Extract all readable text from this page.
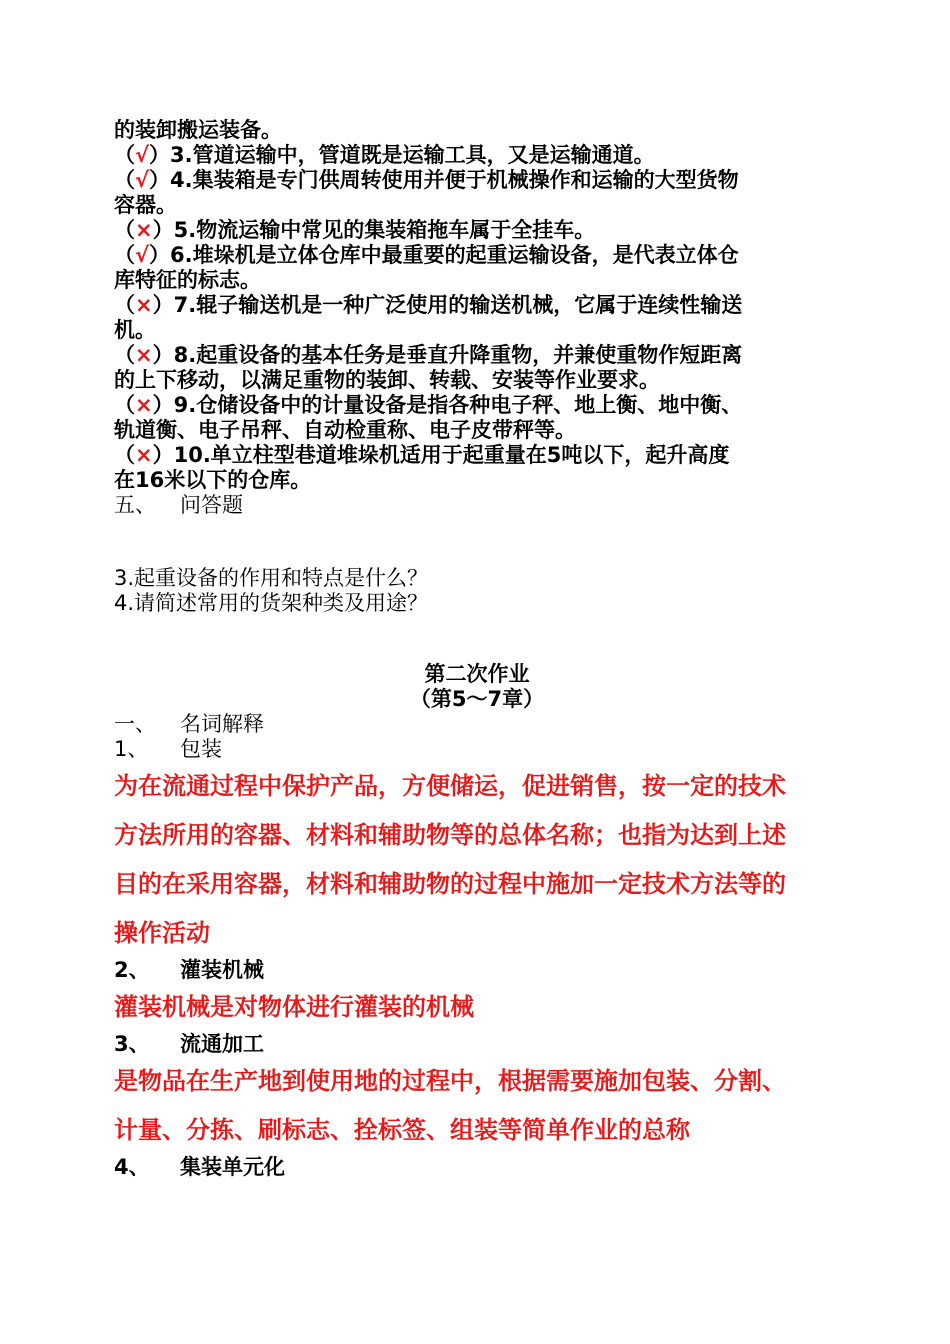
的装卸搬运装备。
（√）3.管道运输中，管道既是运输工具，又是运输通道。
（√）4.集装箱是专门供周转使用并便于机械操作和运输的大型货物
容器。
（×）5.物流运输中常见的集装箱拖车属于全挂车。
（√）6.堆垛机是立体仓库中最重要的起重运输设备，是代表立体仓
库特征的标志。
（×）7.辊子输送机是一种广泛使用的输送机械，它属于连续性输送
机。
（×）8.起重设备的基本任务是垂直升降重物，并兼使重物作短距离
的上下移动，以满足重物的装卸、转载、安装等作业要求。
（×）9.仓储设备中的计量设备是指各种电子秤、地上衡、地中衡、
轨道衡、电子吊秤、自动检重称、电子皮带秤等。
（×）10.单立柱型巷道堆垛机适用于起重量在5吨以下，起升高度
在16米以下的仓库。
五、 问答题
3.起重设备的作用和特点是什么？
4.请简述常用的货架种类及用途？
第二次作业
（第5～7章）
一、 名词解释
1、 包装
为在流通过程中保护产品，方便储运，促进销售，按一定的技术
方法所用的容器、材料和辅助物等的总体名称；也指为达到上述
目的在采用容器，材料和辅助物的过程中施加一定技术方法等的
操作活动
2、 灌装机械
灌装机械是对物体进行灌装的机械
3、 流通加工
是物品在生产地到使用地的过程中，根据需要施加包装、分割、
计量、分拣、刷标志、拴标签、组装等简单作业的总称
4、 集装单元化
